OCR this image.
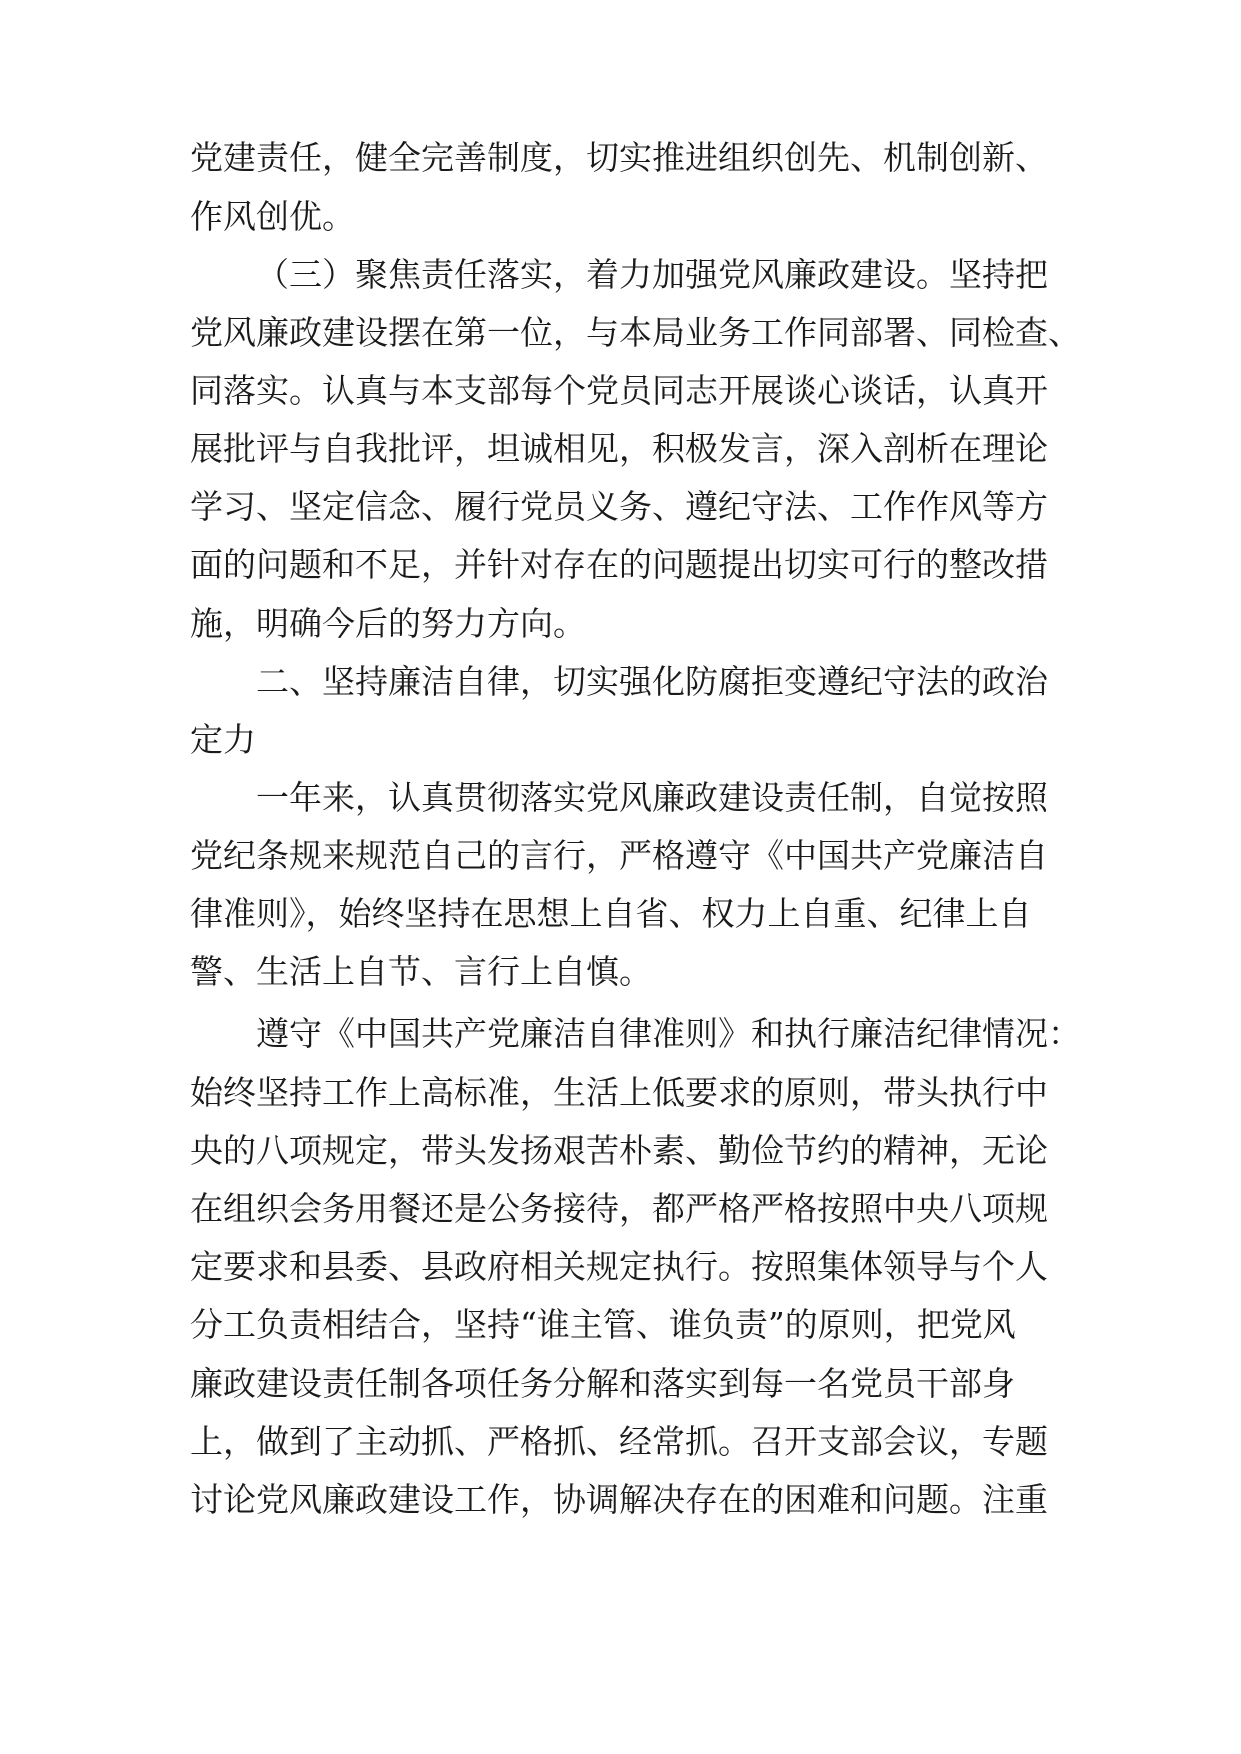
党建责任，健全完善制度，切实推进组织创先、机制创新、
作风创优。
（三）聚焦责任落实，着力加强党风廉政建设。坚持把
党风廉政建设摆在第一位，与本局业务工作同部署、同检查、
同落实。认真与本支部每个党员同志开展谈心谈话，认真开
展批评与自我批评，坦诚相见，积极发言，深入剖析在理论
学习、坚定信念、履行党员义务、遵纪守法、工作作风等方
面的问题和不足，并针对存在的问题提出切实可行的整改措
施，明确今后的努力方向。
二、坚持廉洁自律，切实强化防腐拒变遵纪守法的政治
定力
一年来，认真贯彻落实党风廉政建设责任制，自觉按照
党纪条规来规范自己的言行，严格遵守《中国共产党廉洁自
律准则》，始终坚持在思想上自省、权力上自重、纪律上自
警、生活上自节、言行上自慎。
遵守《中国共产党廉洁自律准则》和执行廉洁纪律情况：
始终坚持工作上高标准，生活上低要求的原则，带头执行中
央的八项规定，带头发扬艰苦朴素、勤俭节约的精神，无论
在组织会务用餐还是公务接待，都严格严格按照中央八项规
定要求和县委、县政府相关规定执行。按照集体领导与个人
分工负责相结合，坚持“谁主管、谁负责”的原则，把党风
廉政建设责任制各项任务分解和落实到每一名党员干部身
上，做到了主动抓、严格抓、经常抓。召开支部会议，专题
讨论党风廉政建设工作，协调解决存在的困难和问题。注重
